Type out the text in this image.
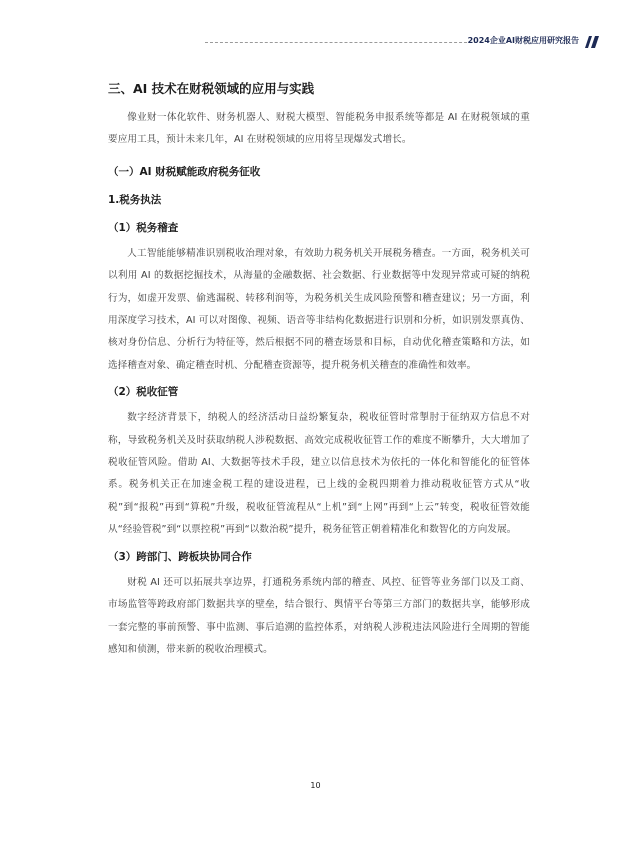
2024企业AI财税应用研究报告
三、AI 技术在财税领域的应用与实践

像业财一体化软件、财务机器人、财税大模型、智能税务申报系统等都是 AI 在财税领域的重要应用工具，预计未来几年，AI 在财税领域的应用将呈现爆发式增长。

（一）AI 财税赋能政府税务征收
1.税务执法
（1）税务稽查

人工智能能够精准识别税收治理对象，有效助力税务机关开展税务稽查。一方面，税务机关可以利用 AI 的数据挖掘技术，从海量的金融数据、社会数据、行业数据等中发现异常或可疑的纳税行为，如虚开发票、偷逃漏税、转移利润等，为税务机关生成风险预警和稽查建议；另一方面，利用深度学习技术，AI 可以对图像、视频、语音等非结构化数据进行识别和分析，如识别发票真伪、核对身份信息、分析行为特征等，然后根据不同的稽查场景和目标，自动优化稽查策略和方法，如选择稽查对象、确定稽查时机、分配稽查资源等，提升税务机关稽查的准确性和效率。

（2）税收征管

数字经济背景下，纳税人的经济活动日益纷繁复杂，税收征管时常掣肘于征纳双方信息不对称，导致税务机关及时获取纳税人涉税数据、高效完成税收征管工作的难度不断攀升，大大增加了税收征管风险。借助 AI、大数据等技术手段，建立以信息技术为依托的一体化和智能化的征管体系。税务机关正在加速金税工程的建设进程，已上线的金税四期着力推动税收征管方式从“收税”到“报税”再到“算税”升级，税收征管流程从“上机”到“上网”再到“上云”转变，税收征管效能从“经验管税”到“以票控税”再到“以数治税”提升，税务征管正朝着精准化和数智化的方向发展。

（3）跨部门、跨板块协同合作

财税 AI 还可以拓展共享边界，打通税务系统内部的稽查、风控、征管等业务部门以及工商、市场监管等跨政府部门数据共享的壁垒，结合银行、舆情平台等第三方部门的数据共享，能够形成一套完整的事前预警、事中监测、事后追溯的监控体系，对纳税人涉税违法风险进行全周期的智能感知和侦测，带来新的税收治理模式。

10
